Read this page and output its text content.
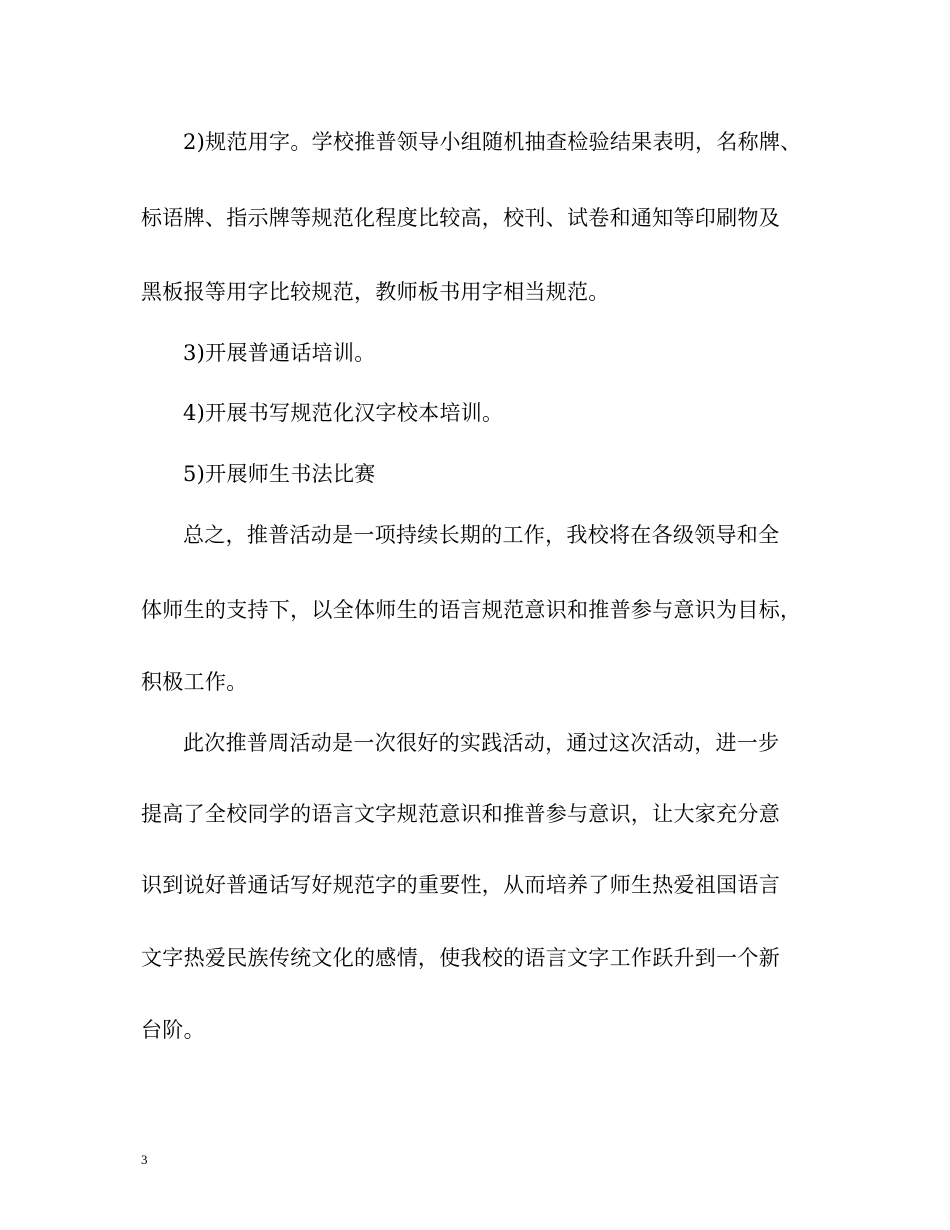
2)规范用字。学校推普领导小组随机抽查检验结果表明，名称牌、
标语牌、指示牌等规范化程度比较高，校刊、试卷和通知等印刷物及
黑板报等用字比较规范，教师板书用字相当规范。
3)开展普通话培训。
4)开展书写规范化汉字校本培训。
5)开展师生书法比赛
总之，推普活动是一项持续长期的工作，我校将在各级领导和全
体师生的支持下，以全体师生的语言规范意识和推普参与意识为目标，
积极工作。
此次推普周活动是一次很好的实践活动，通过这次活动，进一步
提高了全校同学的语言文字规范意识和推普参与意识，让大家充分意
识到说好普通话写好规范字的重要性，从而培养了师生热爱祖国语言
文字热爱民族传统文化的感情，使我校的语言文字工作跃升到一个新
台阶。
3
